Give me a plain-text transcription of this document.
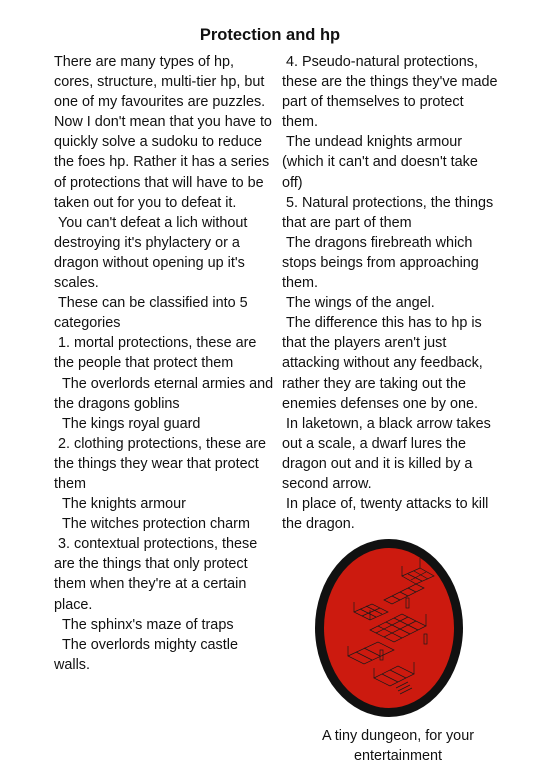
Protection and hp

There are many types of hp, cores, structure, multi-tier hp, but one of my favourites are puzzles. Now I don't mean that you have to quickly solve a sudoku to reduce the foes hp. Rather it has a series of protections that will have to be taken out for you to defeat it.

You can't defeat a lich without destroying it's phylactery or a dragon without opening up it's scales.

These can be classified into 5 categories

1. mortal protections, these are the people that protect them

The overlords eternal armies and the dragons goblins

The kings royal guard

2. clothing protections, these are the things they wear that protect them

The knights armour

The witches protection charm

3. contextual protections, these are the things that only protect them when they're at a certain place.

The sphinx's maze of traps

The overlords mighty castle walls.

4. Pseudo-natural protections, these are the things they've made part of themselves to protect them.

The undead knights armour (which it can't and doesn't take off)

5. Natural protections, the things that are part of them

The dragons firebreath which stops beings from approaching them.

The wings of the angel.

The difference this has to hp is that the players aren't just attacking without any feedback, rather they are taking out the enemies defenses one by one.

In laketown, a black arrow takes out a scale, a dwarf lures the dragon out and it is killed by a second arrow.

In place of, twenty attacks to kill the dragon.

A tiny dungeon, for your entertainment
